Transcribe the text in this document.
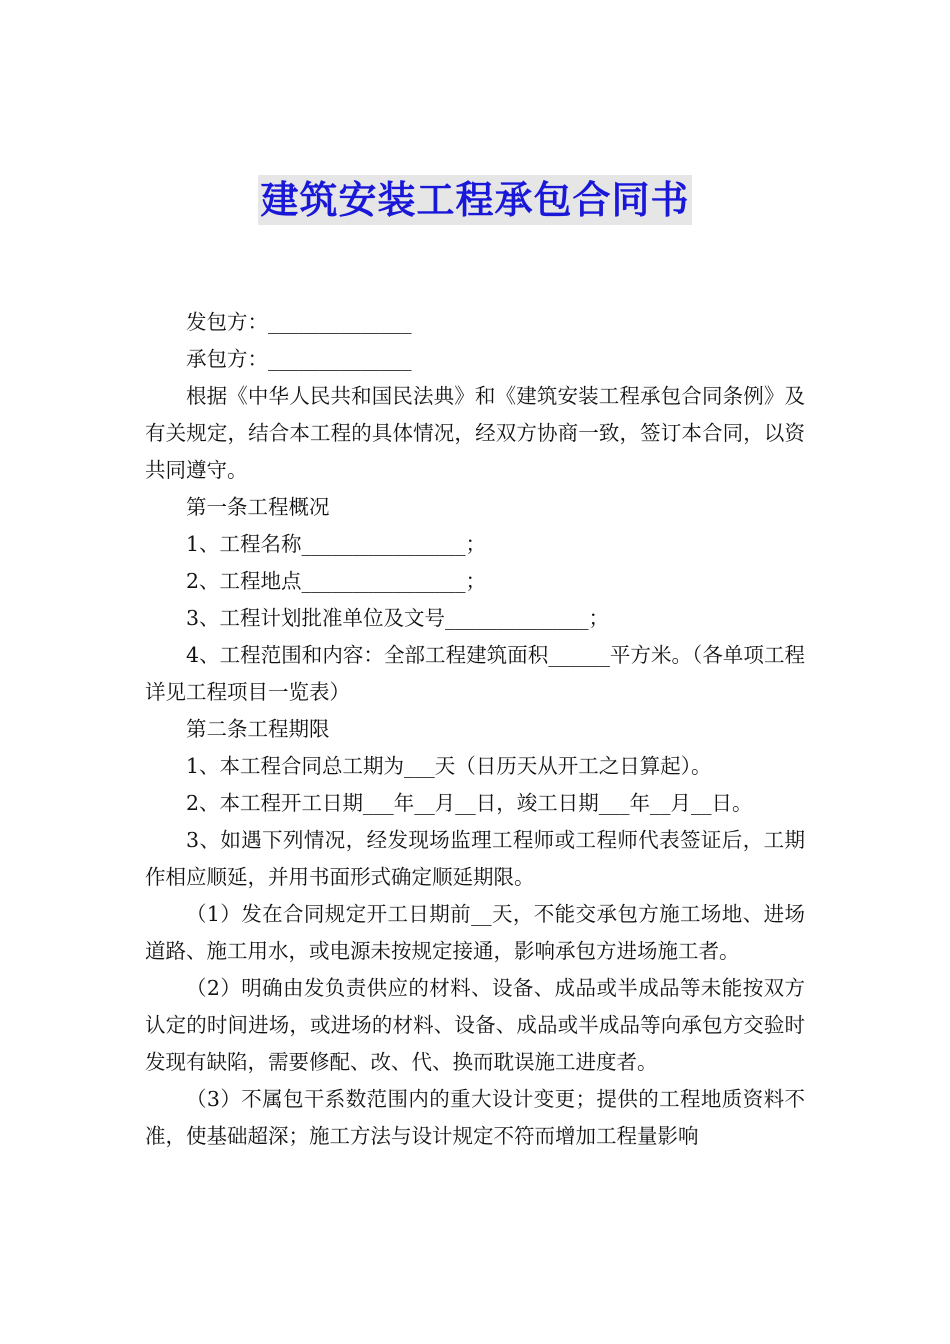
建筑安装工程承包合同书

发包方：______________

承包方：______________

根据《中华人民共和国民法典》和《建筑安装工程承包合同条例》及有关规定，结合本工程的具体情况，经双方协商一致，签订本合同，以资共同遵守。

第一条工程概况

1、工程名称________________；

2、工程地点________________；

3、工程计划批准单位及文号______________；

4、工程范围和内容：全部工程建筑面积______平方米。（各单项工程详见工程项目一览表）

第二条工程期限

1、本工程合同总工期为___天（日历天从开工之日算起）。

2、本工程开工日期___年__月__日，竣工日期___年__月__日。

3、如遇下列情况，经发现场监理工程师或工程师代表签证后，工期作相应顺延，并用书面形式确定顺延期限。

（1）发在合同规定开工日期前__天，不能交承包方施工场地、进场道路、施工用水，或电源未按规定接通，影响承包方进场施工者。

（2）明确由发负责供应的材料、设备、成品或半成品等未能按双方认定的时间进场，或进场的材料、设备、成品或半成品等向承包方交验时发现有缺陷，需要修配、改、代、换而耽误施工进度者。

（3）不属包干系数范围内的重大设计变更；提供的工程地质资料不准，使基础超深；施工方法与设计规定不符而增加工程量影响
